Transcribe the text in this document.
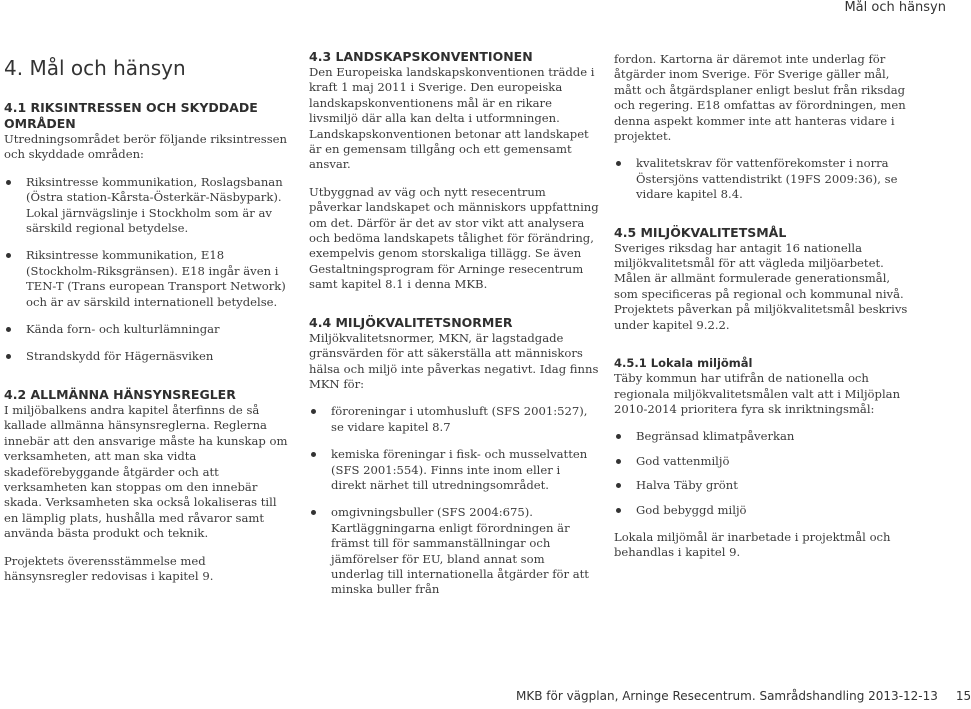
Mål och hänsyn
4. Mål och hänsyn
4.1 RIKSINTRESSEN OCH SKYDDADE OMRÅDEN

Utredningsområdet berör följande riksintressen och skyddade områden:

Riksintresse kommunikation, Roslagsbanan (Östra station-Kårsta-Österkär-Näsbypark). Lokal järnvägslinje i Stockholm som är av särskild regional betydelse.
Riksintresse kommunikation, E18 (Stockholm-Riksgränsen). E18 ingår även i TEN-T (Trans european Transport Network) och är av särskild internationell betydelse.
Kända forn- och kulturlämningar
Strandskydd för Hägernäsviken
4.2 ALLMÄNNA HÄNSYNSREGLER

I miljöbalkens andra kapitel återfinns de så kallade allmänna hänsynsreglerna. Reglerna innebär att den ansvarige måste ha kunskap om verksamheten, att man ska vidta skadeförebyggande åtgärder och att verksamheten kan stoppas om den innebär skada. Verksamheten ska också lokaliseras till en lämplig plats, hushålla med råvaror samt använda bästa produkt och teknik.

Projektets överensstämmelse med hänsynsregler redovisas i kapitel 9.

4.3 LANDSKAPSKONVENTIONEN

Den Europeiska landskapskonventionen trädde i kraft 1 maj 2011 i Sverige. Den europeiska landskapskonventionens mål är en rikare livsmiljö där alla kan delta i utformningen. Landskapskonventionen betonar att landskapet är en gemensam tillgång och ett gemensamt ansvar.

Utbyggnad av väg och nytt resecentrum påverkar landskapet och människors uppfattning om det. Därför är det av stor vikt att analysera och bedöma landskapets tålighet för förändring, exempelvis genom storskaliga tillägg. Se även Gestaltningsprogram för Arninge resecentrum samt kapitel 8.1 i denna MKB.

4.4 MILJÖKVALITETSNORMER

Miljökvalitetsnormer, MKN, är lagstadgade gränsvärden för att säkerställa att människors hälsa och miljö inte påverkas negativt. Idag finns MKN för:

föroreningar i utomhusluft (SFS 2001:527), se vidare kapitel 8.7
kemiska föreningar i fisk- och musselvatten (SFS 2001:554). Finns inte inom eller i direkt närhet till utredningsområdet.
omgivningsbuller (SFS 2004:675). Kartläggningarna enligt förordningen är främst till för sammanställningar och jämförelser för EU, bland annat som underlag till internationella åtgärder för att minska buller från

fordon. Kartorna är däremot inte underlag för åtgärder inom Sverige. För Sverige gäller mål, mått och åtgärdsplaner enligt beslut från riksdag och regering. E18 omfattas av förordningen, men denna aspekt kommer inte att hanteras vidare i projektet.

kvalitetskrav för vattenförekomster i norra Östersjöns vattendistrikt (19FS 2009:36), se vidare kapitel 8.4.
4.5 MILJÖKVALITETSMÅL

Sveriges riksdag har antagit 16 nationella miljökvalitetsmål för att vägleda miljöarbetet. Målen är allmänt formulerade generationsmål, som specificeras på regional och kommunal nivå. Projektets påverkan på miljökvalitetsmål beskrivs under kapitel 9.2.2.

4.5.1 Lokala miljömål

Täby kommun har utifrån de nationella och regionala miljökvalitetsmålen valt att i Miljöplan 2010-2014 prioritera fyra sk inriktningsmål:

Begränsad klimatpåverkan
God vattenmiljö
Halva Täby grönt
God bebyggd miljö

Lokala miljömål är inarbetade i projektmål och behandlas i kapitel 9.

MKB för vägplan, Arninge Resecentrum. Samrådshandling 2013-12-13 15
